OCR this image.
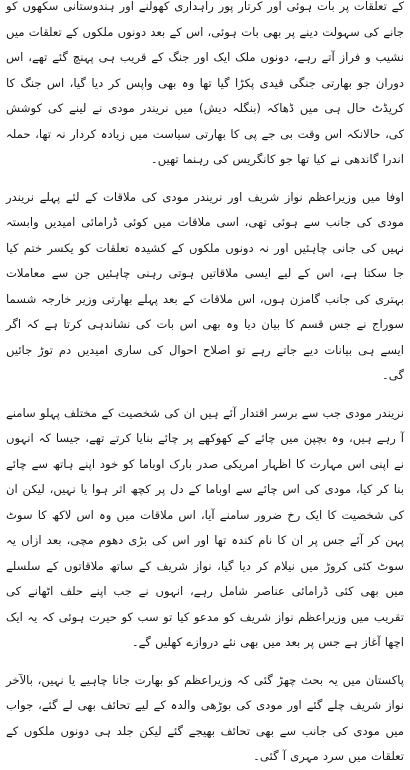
کے تعلقات پر بات ہوئی اور کرتار پور راہداری کھولنے اور ہندوستانی سکھوں کو جانے کی سہولت دینے پر بھی بات ہوئی، اس کے بعد دونوں ملکوں کے تعلقات میں نشیب و فراز آتے رہے، دونوں ملک ایک اور جنگ کے قریب ہی پہنچ گئے تھے، اس دوران جو بھارتی جنگی قیدی پکڑا گیا تھا وہ بھی واپس کر دیا گیا، اس جنگ کا کریڈٹ حال ہی میں ڈھاکہ (بنگلہ دیش) میں نریندر مودی نے لینے کی کوشش کی، حالانکہ اس وقت بی جے پی کا بھارتی سیاست میں زیادہ کردار نہ تھا، حملہ اندرا گاندھی نے کیا تھا جو کانگریس کی رہنما تھیں۔

اوفا میں وزیراعظم نواز شریف اور نریندر مودی کی ملاقات کے لئے پہلے نریندر مودی کی جانب سے ہوئی تھی، اسی ملاقات میں کوئی ڈرامائی امیدیں وابستہ نہیں کی جانی چاہئیں اور نہ دونوں ملکوں کے کشیدہ تعلقات کو یکسر ختم کیا جا سکتا ہے، اس کے لیے ایسی ملاقاتیں ہوتی رہنی چاہئیں جن سے معاملات بہتری کی جانب گامزن ہوں، اس ملاقات کے بعد پہلے بھارتی وزیر خارجہ شسما سوراج نے جس قسم کا بیان دیا وہ بھی اس بات کی نشاندہی کرتا ہے کہ اگر ایسے ہی بیانات دیے جاتے رہے تو اصلاح احوال کی ساری امیدیں دم توڑ جائیں گی۔

نریندر مودی جب سے برسر اقتدار آئے ہیں ان کی شخصیت کے مختلف پہلو سامنے آ رہے ہیں، وہ بچپن میں چائے کے کھوکھے پر چائے بنایا کرتے تھے، جیسا کہ انہوں نے اپنی اس مہارت کا اظہار امریکی صدر بارک اوباما کو خود اپنے ہاتھ سے چائے بنا کر کیا، مودی کی اس چائے سے اوباما کے دل پر کچھ اثر ہوا یا نہیں، لیکن ان کی شخصیت کا ایک رخ ضرور سامنے آیا، اس ملاقات میں وہ اس لاکھ کا سوٹ پہن کر آئے جس پر ان کا نام کندہ تھا اور اس کی بڑی دھوم مچی، بعد ازاں یہ سوٹ کئی کروڑ میں نیلام کر دیا گیا، نواز شریف کے ساتھ ملاقاتوں کے سلسلے میں بھی کئی ڈرامائی عناصر شامل رہے، انہوں نے جب اپنے حلف اٹھانے کی تقریب میں وزیراعظم نواز شریف کو مدعو کیا تو سب کو حیرت ہوئی کہ یہ ایک اچھا آغاز ہے جس پر بعد میں بھی نئے دروازے کھلیں گے۔

پاکستان میں یہ بحث چھڑ گئی کہ وزیراعظم کو بھارت جانا چاہیے یا نہیں، بالآخر نواز شریف چلے گئے اور مودی کی بوڑھی والدہ کے لیے تحائف بھی لے گئے، جواب میں مودی کی جانب سے بھی تحائف بھیجے گئے لیکن جلد ہی دونوں ملکوں کے تعلقات میں سرد مہری آ گئی۔
